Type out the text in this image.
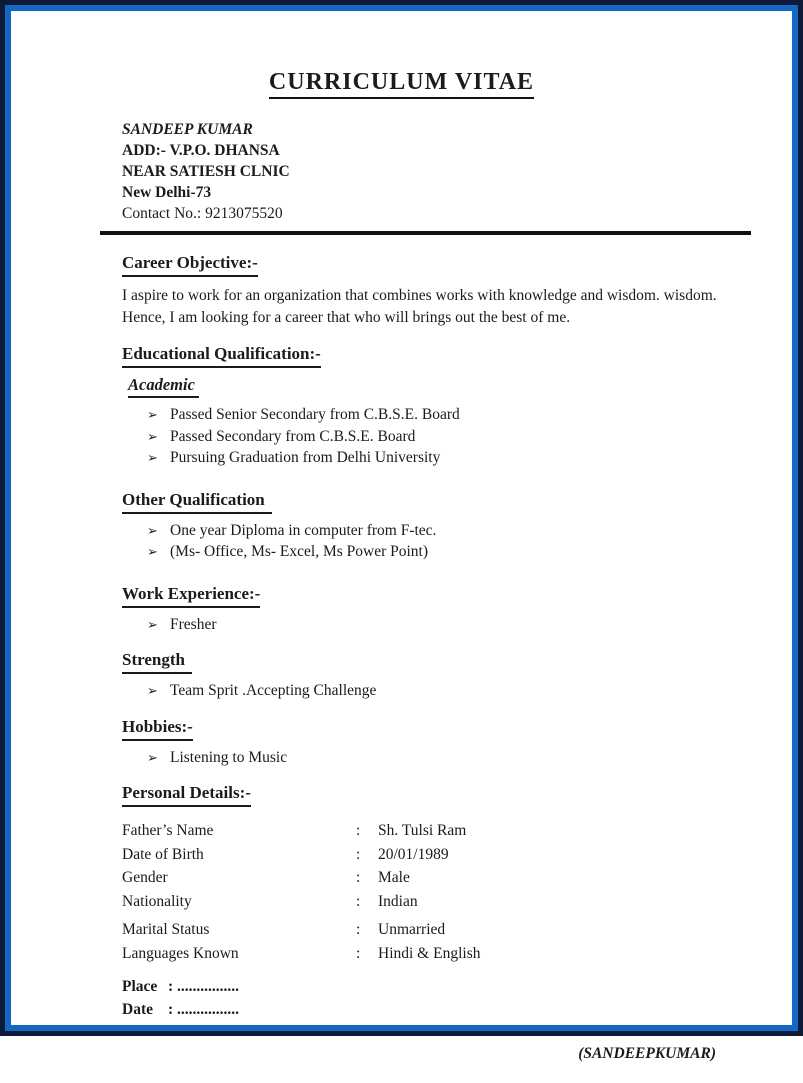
CURRICULUM VITAE
SANDEEP KUMAR
ADD:- V.P.O. DHANSA
NEAR SATIESH CLNIC
New Delhi-73
Contact No.: 9213075520
Career Objective:-
I aspire to work for an organization that combines works with knowledge and wisdom. wisdom. Hence, I am looking for a career that who will brings out the best of me.
Educational Qualification:-
Academic
➢ Passed Senior Secondary from C.B.S.E. Board
➢ Passed Secondary from C.B.S.E. Board
➢ Pursuing Graduation from Delhi University
Other Qualification
➢ One year Diploma in computer from F-tec.
➢ (Ms- Office, Ms- Excel, Ms Power Point)
Work Experience:-
➢ Fresher
Strength
➢ Team Sprit .Accepting Challenge
Hobbies:-
➢ Listening to Music
Personal Details:-
Father’s Name	:	Sh. Tulsi Ram
Date of Birth	:	20/01/1989
Gender	:	Male
Nationality	:	Indian
Marital Status	:	Unmarried
Languages Known	:	Hindi & English
Place : ................
Date : ................
(SANDEEPKUMAR)
